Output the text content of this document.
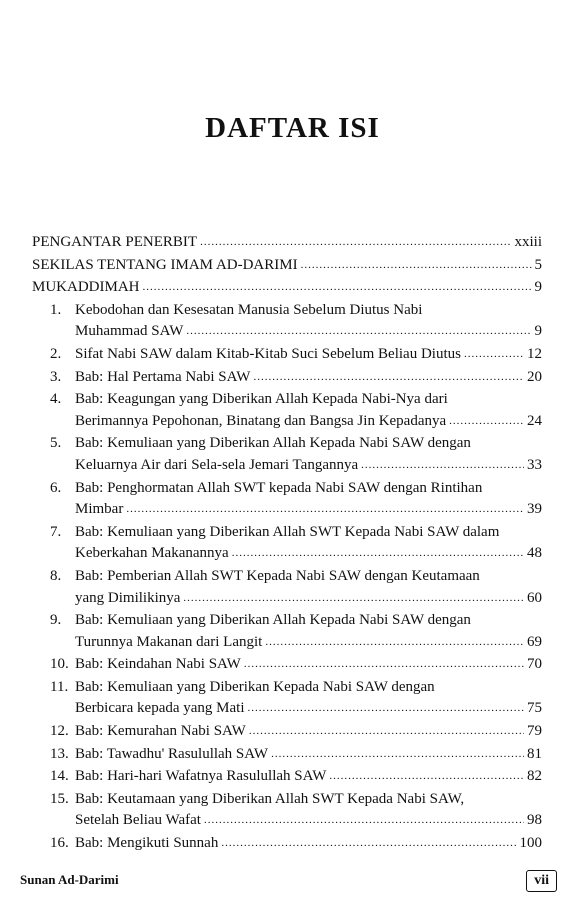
DAFTAR ISI
PENGANTAR PENERBIT .....	xxiii
SEKILAS TENTANG IMAM AD-DARIMI .....	5
MUKADDIMAH .....	9
1. Kebodohan dan Kesesatan Manusia Sebelum Diutus Nabi
Muhammad SAW .....	9
2. Sifat Nabi SAW dalam Kitab-Kitab Suci Sebelum Beliau Diutus .....	12
3. Bab: Hal Pertama Nabi SAW .....	20
4. Bab: Keagungan yang Diberikan Allah Kepada Nabi-Nya dari
Berimannya Pepohonan, Binatang dan Bangsa Jin Kepadanya .....	24
5. Bab: Kemuliaan yang Diberikan Allah Kepada Nabi SAW dengan
Keluarnya Air dari Sela-sela Jemari Tangannya .....	33
6. Bab: Penghormatan Allah SWT kepada Nabi SAW dengan Rintihan
Mimbar .....	39
7. Bab: Kemuliaan yang Diberikan Allah SWT Kepada Nabi SAW dalam
Keberkahan Makanannya .....	48
8. Bab: Pemberian Allah SWT Kepada Nabi SAW dengan Keutamaan
yang Dimilikinya .....	60
9. Bab: Kemuliaan yang Diberikan Allah Kepada Nabi SAW dengan
Turunnya Makanan dari Langit .....	69
10. Bab: Keindahan Nabi SAW .....	70
11. Bab: Kemuliaan yang Diberikan Kepada Nabi SAW dengan
Berbicara kepada yang Mati .....	75
12. Bab: Kemurahan Nabi SAW .....	79
13. Bab: Tawadhu' Rasulullah SAW .....	81
14. Bab: Hari-hari Wafatnya Rasulullah SAW .....	82
15. Bab: Keutamaan yang Diberikan Allah SWT Kepada Nabi SAW,
Setelah Beliau Wafat .....	98
16. Bab: Mengikuti Sunnah .....	100
Sunan Ad-Darimi	vii
